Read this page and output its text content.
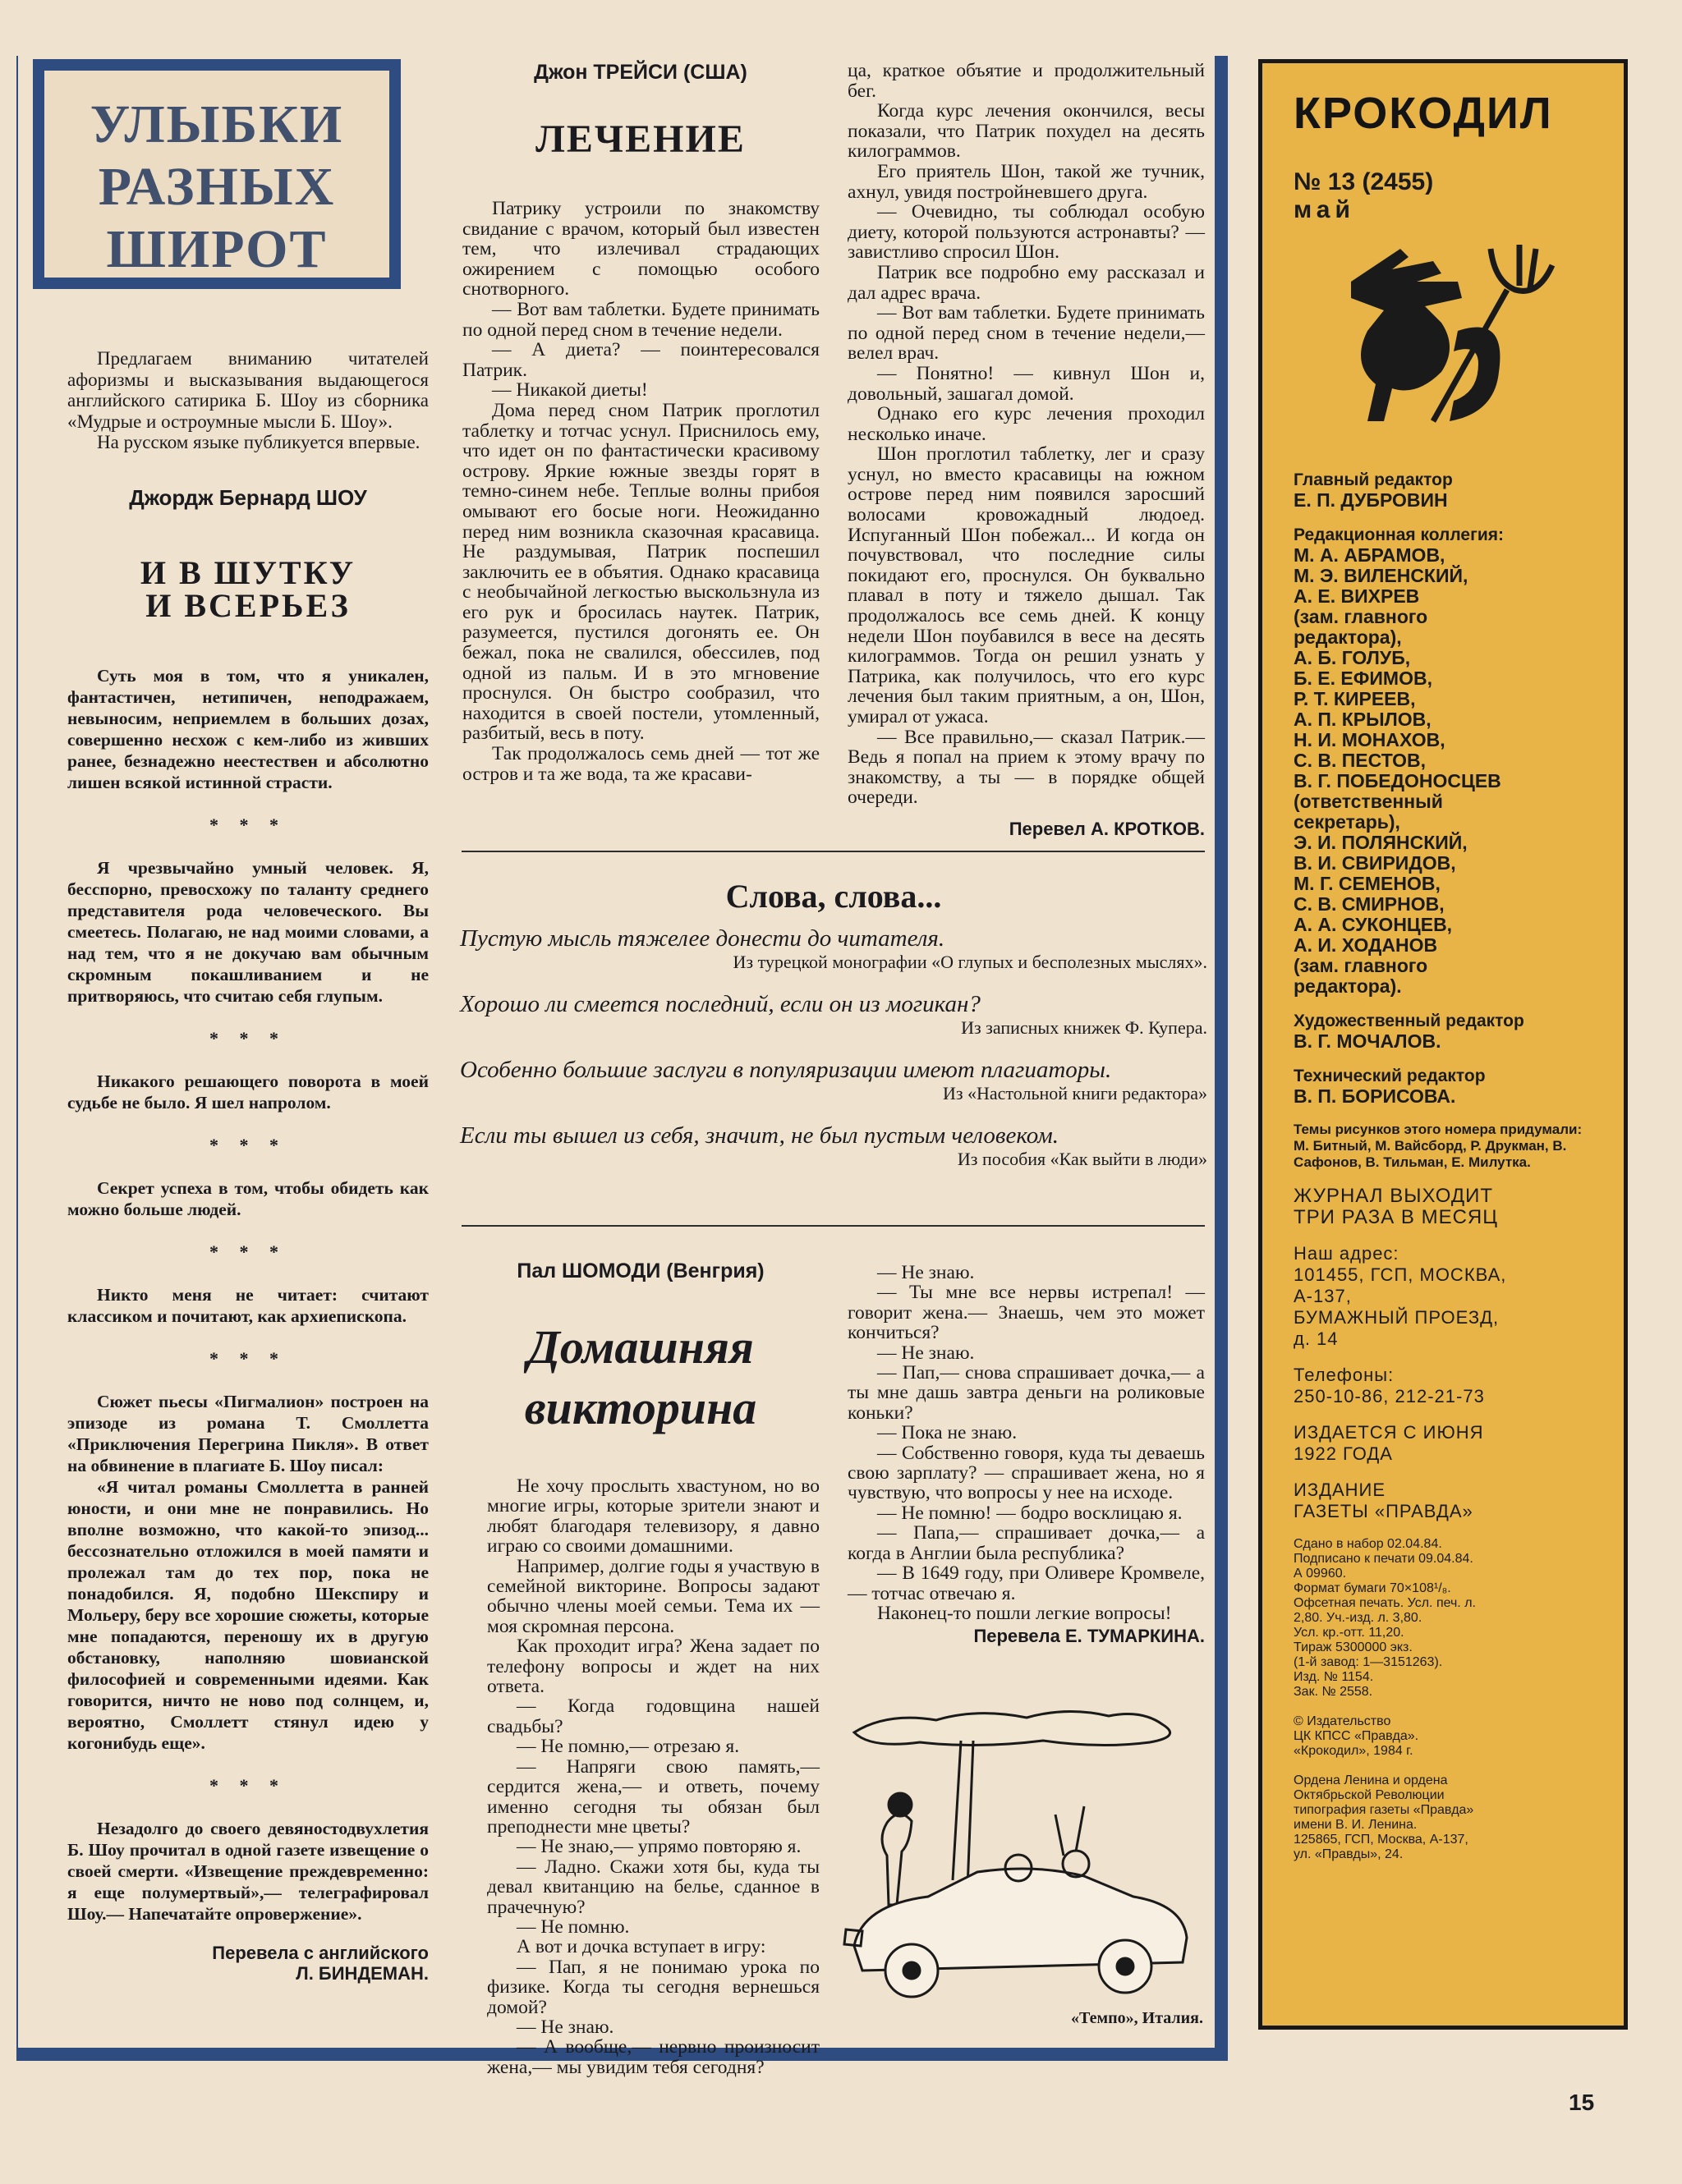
УЛЫБКИ
РАЗНЫХ
ШИРОТ

Предлагаем вниманию читателей афоризмы и высказывания выдающегося английского сатирика Б. Шоу из сборника «Мудрые и остроумные мысли Б. Шоу».

На русском языке публикуется впервые.

Джордж Бернард ШОУ
И В ШУТКУ
И ВСЕРЬЕЗ

Суть моя в том, что я уникален, фантастичен, нетипичен, неподражаем, невыносим, неприемлем в больших дозах, совершенно несхож с кем-либо из живших ранее, безнадежно неестествен и абсолютно лишен всякой истинной страсти.

* * *

Я чрезвычайно умный человек. Я, бесспорно, превосхожу по таланту среднего представителя рода человеческого. Вы смеетесь. Полагаю, не над моими словами, а над тем, что я не докучаю вам обычным скромным покашливанием и не притворяюсь, что считаю себя глупым.

* * *

Никакого решающего поворота в моей судьбе не было. Я шел напролом.

* * *

Секрет успеха в том, чтобы обидеть как можно больше людей.

* * *

Никто меня не читает: считают классиком и почитают, как архиепископа.

* * *

Сюжет пьесы «Пигмалион» построен на эпизоде из романа Т. Смоллетта «Приключения Перегрина Пикля». В ответ на обвинение в плагиате Б. Шоу писал:

«Я читал романы Смоллетта в ранней юности, и они мне не понравились. Но вполне возможно, что какой-то эпизод... бессознательно отложился в моей памяти и пролежал там до тех пор, пока не понадобился. Я, подобно Шекспиру и Мольеру, беру все хорошие сюжеты, которые мне попадаются, переношу их в другую обстановку, наполняю шовианской философией и современными идеями. Как говорится, ничто не ново под солнцем, и, вероятно, Смоллетт стянул идею у когонибудь еще».

* * *

Незадолго до своего девяностодвухлетия Б. Шоу прочитал в одной газете извещение о своей смерти. «Извещение преждевременно: я еще полумертвый»,— телеграфировал Шоу.— Напечатайте опровержение».

Перевела с английского
Л. БИНДЕМАН.
Джон ТРЕЙСИ (США)
ЛЕЧЕНИЕ

Патрику устроили по знакомству свидание с врачом, который был известен тем, что излечивал страдающих ожирением с помощью особого снотворного.

— Вот вам таблетки. Будете принимать по одной перед сном в течение недели.

— А диета? — поинтересовался Патрик.

— Никакой диеты!

Дома перед сном Патрик проглотил таблетку и тотчас уснул. Приснилось ему, что идет он по фантастически красивому острову. Яркие южные звезды горят в темно-синем небе. Теплые волны прибоя омывают его босые ноги. Неожиданно перед ним возникла сказочная красавица. Не раздумывая, Патрик поспешил заключить ее в объятия. Однако красавица с необычайной легкостью выскользнула из его рук и бросилась наутек. Патрик, разумеется, пустился догонять ее. Он бежал, пока не свалился, обессилев, под одной из пальм. И в это мгновение проснулся. Он быстро сообразил, что находится в своей постели, утомленный, разбитый, весь в поту.

Так продолжалось семь дней — тот же остров и та же вода, та же красави-

ца, краткое объятие и продолжительный бег.

Когда курс лечения окончился, весы показали, что Патрик похудел на десять килограммов.

Его приятель Шон, такой же тучник, ахнул, увидя постройневшего друга.

— Очевидно, ты соблюдал особую диету, которой пользуются астронавты? — завистливо спросил Шон.

Патрик все подробно ему рассказал и дал адрес врача.

— Вот вам таблетки. Будете принимать по одной перед сном в течение недели,— велел врач.

— Понятно! — кивнул Шон и, довольный, зашагал домой.

Однако его курс лечения проходил несколько иначе.

Шон проглотил таблетку, лег и сразу уснул, но вместо красавицы на южном острове перед ним появился заросший волосами кровожадный людоед. Испуганный Шон побежал... И когда он почувствовал, что последние силы покидают его, проснулся. Он буквально плавал в поту и тяжело дышал. Так продолжалось все семь дней. К концу недели Шон поубавился в весе на десять килограммов. Тогда он решил узнать у Патрика, как получилось, что его курс лечения был таким приятным, а он, Шон, умирал от ужаса.

— Все правильно,— сказал Патрик.— Ведь я попал на прием к этому врачу по знакомству, а ты — в порядке общей очереди.

Перевел А. КРОТКОВ.
Слова, слова...
Пустую мысль тяжелее донести до читателя.
Из турецкой монографии «О глупых и бесполезных мыслях».
Хорошо ли смеется последний, если он из могикан?
Из записных книжек Ф. Купера.
Особенно большие заслуги в популяризации имеют плагиаторы.
Из «Настольной книги редактора»
Если ты вышел из себя, значит, не был пустым человеком.
Из пособия «Как выйти в люди»
Пал ШОМОДИ (Венгрия)
Домашняя
викторина

Не хочу прослыть хвастуном, но во многие игры, которые зрители знают и любят благодаря телевизору, я давно играю со своими домашними.

Например, долгие годы я участвую в семейной викторине. Вопросы задают обычно члены моей семьи. Тема их — моя скромная персона.

Как проходит игра? Жена задает по телефону вопросы и ждет на них ответа.

— Когда годовщина нашей свадьбы?

— Не помню,— отрезаю я.

— Напряги свою память,— сердится жена,— и ответь, почему именно сегодня ты обязан был преподнести мне цветы?

— Не знаю,— упрямо повторяю я.

— Ладно. Скажи хотя бы, куда ты девал квитанцию на белье, сданное в прачечную?

— Не помню.

А вот и дочка вступает в игру:

— Пап, я не понимаю урока по физике. Когда ты сегодня вернешься домой?

— Не знаю.

— А вообще,— нервно произносит жена,— мы увидим тебя сегодня?

— Не знаю.

— Ты мне все нервы истрепал! — говорит жена.— Знаешь, чем это может кончиться?

— Не знаю.

— Пап,— снова спрашивает дочка,— а ты мне дашь завтра деньги на роликовые коньки?

— Пока не знаю.

— Собственно говоря, куда ты деваешь свою зарплату? — спрашивает жена, но я чувствую, что вопросы у нее на исходе.

— Не помню! — бодро восклицаю я.

— Папа,— спрашивает дочка,— а когда в Англии была республика?

— В 1649 году, при Оливере Кромвеле,— тотчас отвечаю я.

Наконец-то пошли легкие вопросы!

Перевела Е. ТУМАРКИНА.
«Темпо», Италия.
КРОКОДИЛ
№ 13 (2455)
май
Главный редактор
Е. П. ДУБРОВИН
Редакционная коллегия:
М. А. АБРАМОВ,
М. Э. ВИЛЕНСКИЙ,
А. Е. ВИХРЕВ
(зам. главного
редактора),
А. Б. ГОЛУБ,
Б. Е. ЕФИМОВ,
Р. Т. КИРЕЕВ,
А. П. КРЫЛОВ,
Н. И. МОНАХОВ,
С. В. ПЕСТОВ,
В. Г. ПОБЕДОНОСЦЕВ
(ответственный
секретарь),
Э. И. ПОЛЯНСКИЙ,
В. И. СВИРИДОВ,
М. Г. СЕМЕНОВ,
С. В. СМИРНОВ,
А. А. СУКОНЦЕВ,
А. И. ХОДАНОВ
(зам. главного
редактора).
Художественный редактор
В. Г. МОЧАЛОВ.
Технический редактор
В. П. БОРИСОВА.
Темы рисунков этого номера придумали: М. Битный, М. Вайсборд, Р. Друкман, В. Сафонов, В. Тильман, Е. Милутка.
ЖУРНАЛ ВЫХОДИТ
ТРИ РАЗА В МЕСЯЦ
Наш адрес:
101455, ГСП, МОСКВА,
А-137,
БУМАЖНЫЙ ПРОЕЗД,
д. 14
Телефоны:
250-10-86, 212-21-73
ИЗДАЕТСЯ С ИЮНЯ
1922 ГОДА
ИЗДАНИЕ
ГАЗЕТЫ «ПРАВДА»
Сдано в набор 02.04.84.
Подписано к печати 09.04.84.
А 09960.
Формат бумаги 70×108¹/₈.
Офсетная печать. Усл. печ. л.
2,80. Уч.-изд. л. 3,80.
Усл. кр.-отт. 11,20.
Тираж 5300000 экз.
(1-й завод: 1—3151263).
Изд. № 1154.
Зак. № 2558.
© Издательство
ЦК КПСС «Правда».
«Крокодил», 1984 г.
Ордена Ленина и ордена
Октябрьской Революции
типография газеты «Правда»
имени В. И. Ленина.
125865, ГСП, Москва, А-137,
ул. «Правды», 24.
15
